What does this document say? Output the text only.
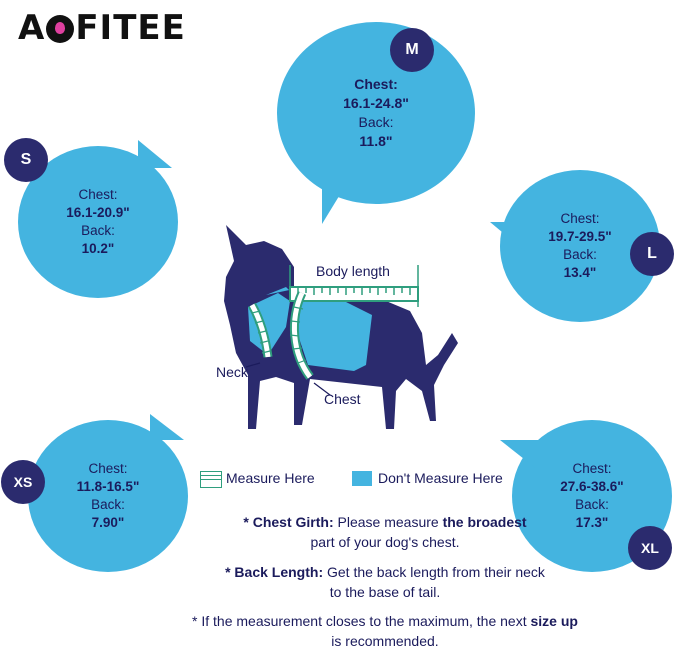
A FITEE
Chest:
16.1-24.8"
Back:
11.8"
M
Chest:
16.1-20.9"
Back:
10.2"
S
Chest:
19.7-29.5"
Back:
13.4"
L
Chest:
11.8-16.5"
Back:
7.90"
XS
Chest:
27.6-38.6"
Back:
17.3"
XL
Body length
Neck
Chest
Measure Here	Don't Measure Here
* Chest Girth: Please measure the broadest
part of your dog's chest.
* Back Length: Get the back length from their neck
to the base of tail.
* If the measurement closes to the maximum, the next size up
is recommended.
